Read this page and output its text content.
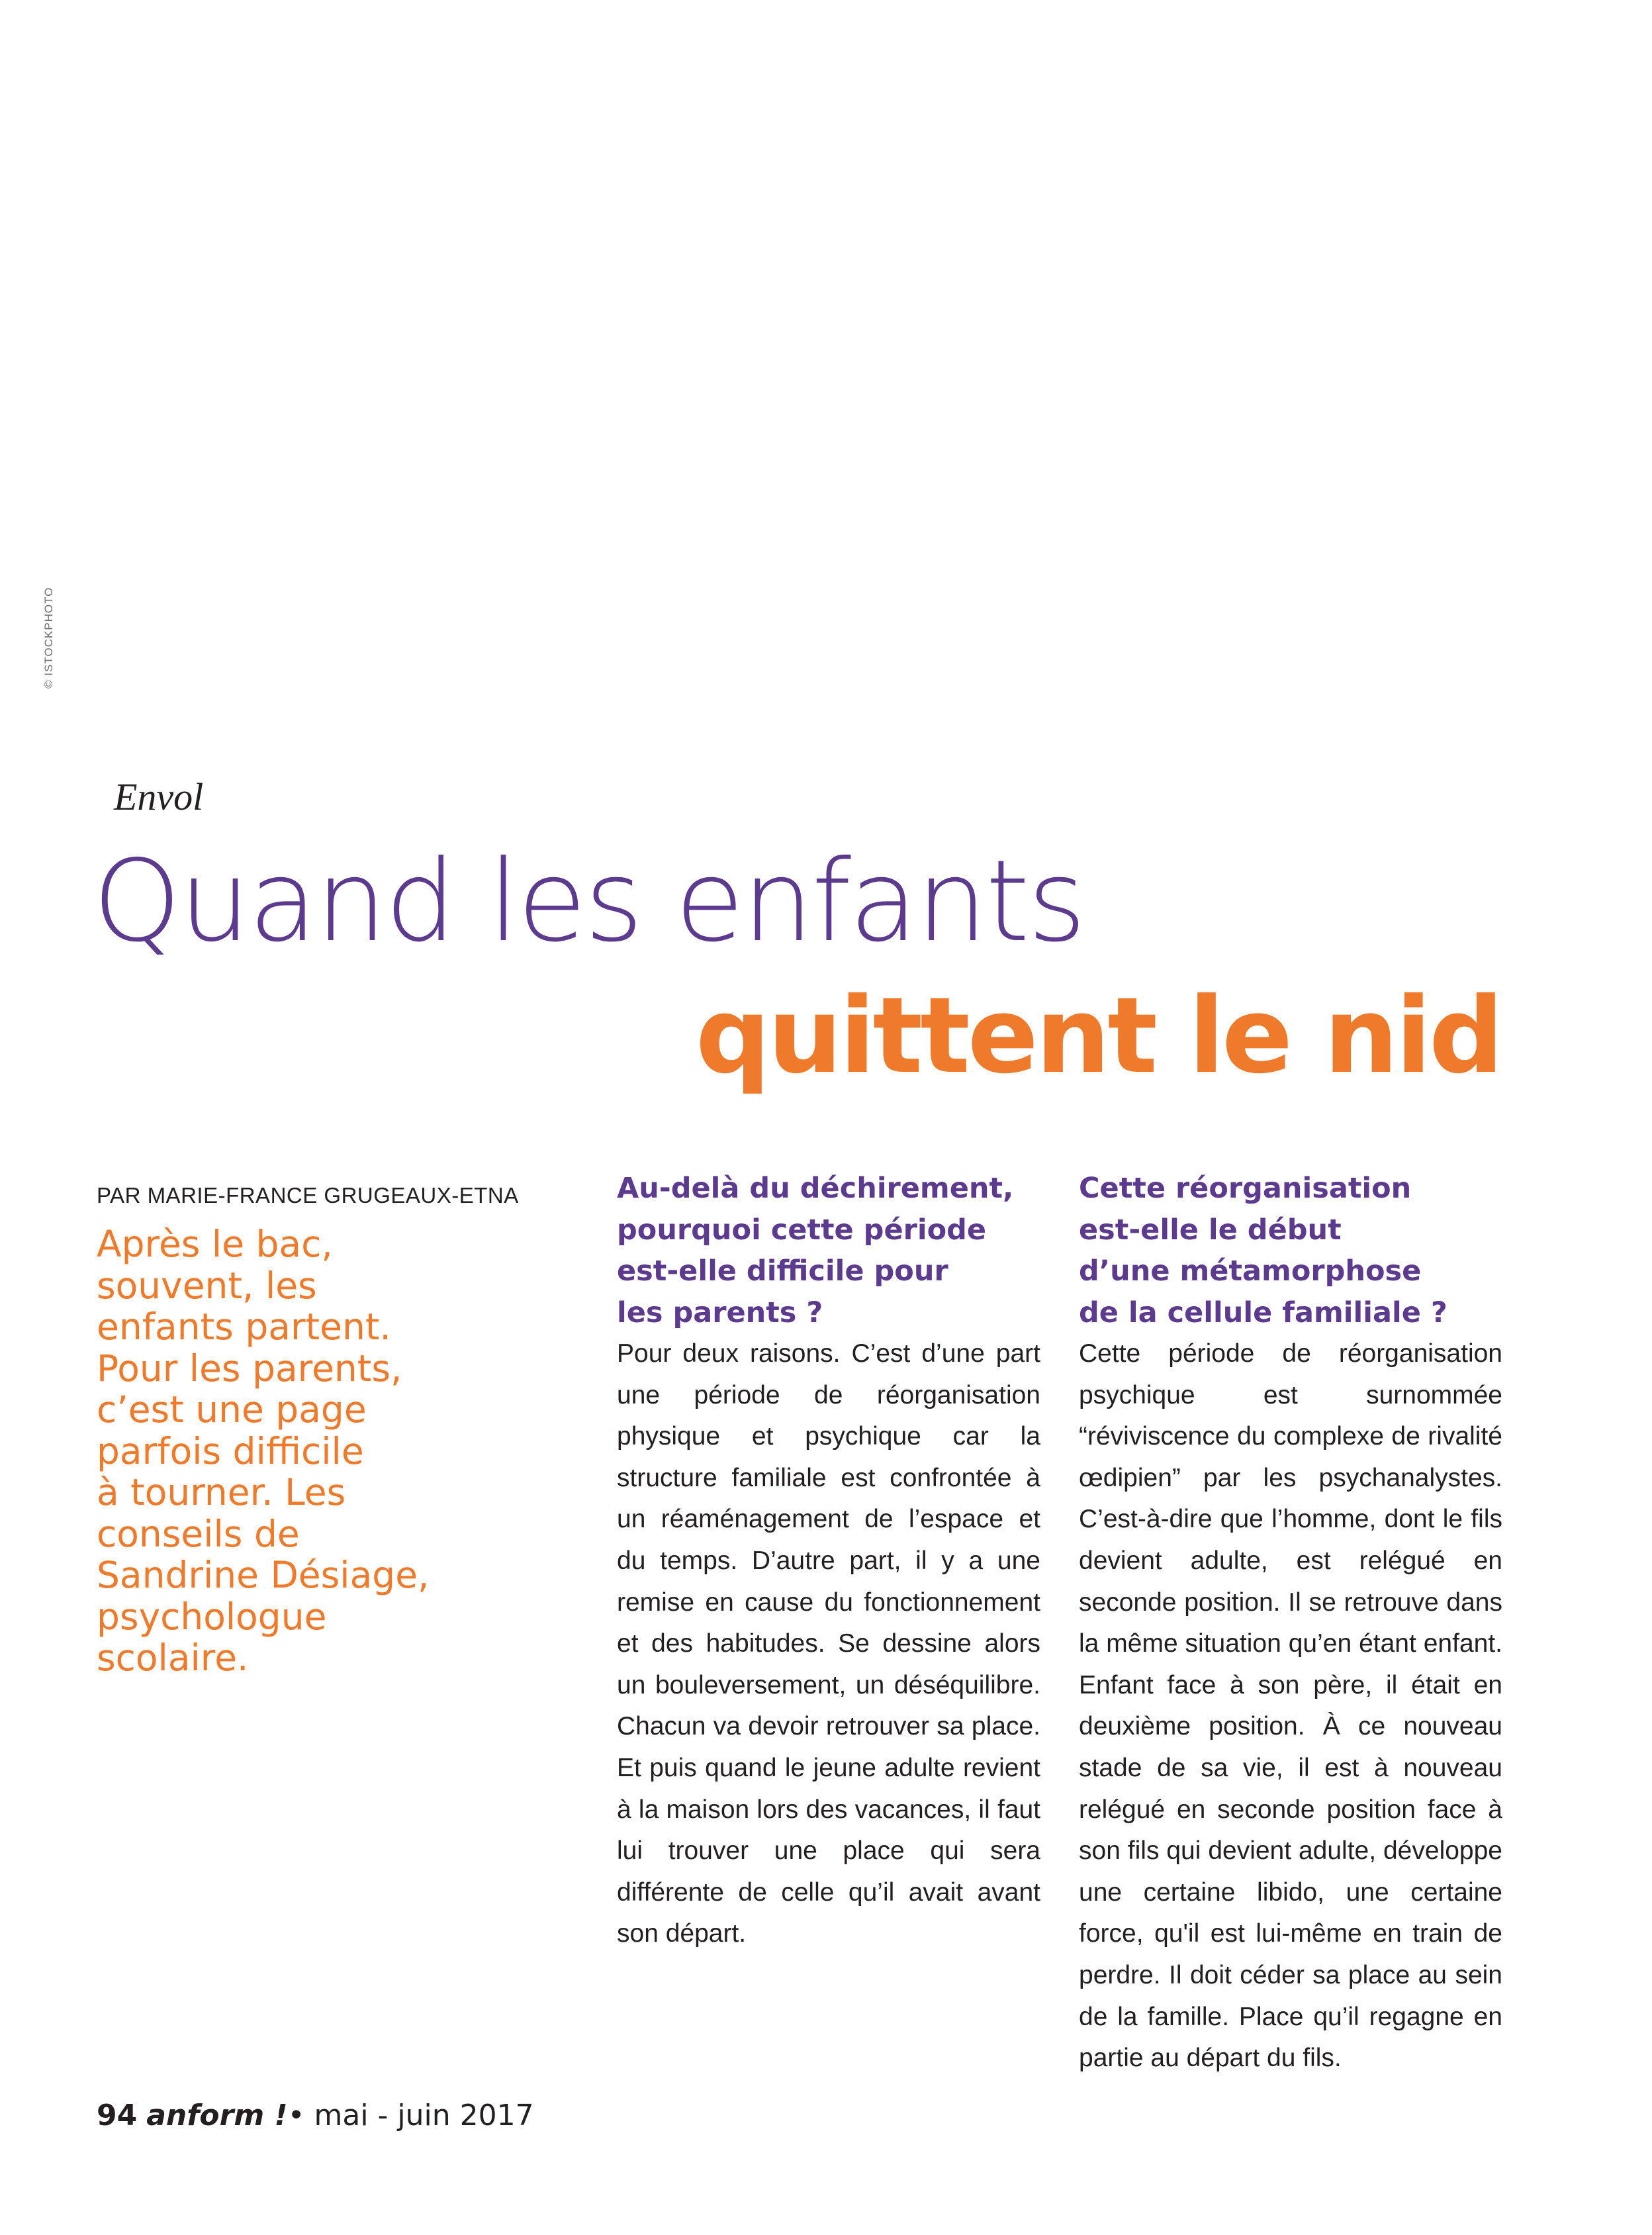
© ISTOCKPHOTO
Envol
Quand les enfants
quittent le nid
PAR MARIE-FRANCE GRUGEAUX-ETNA
Après le bac,
souvent, les
enfants partent.
Pour les parents,
c’est une page
parfois difficile
à tourner. Les
conseils de
Sandrine Désiage,
psychologue
scolaire.
Au-delà du déchirement,
pourquoi cette période
est-elle difficile pour
les parents ?

Pour deux raisons. C’est d’une part une période de réorganisation physique et psychique car la structure familiale est confrontée à un réaménagement de l’espace et du temps. D’autre part, il y a une remise en cause du fonctionnement et des habitudes. Se dessine alors un bouleversement, un déséquilibre. Chacun va devoir retrouver sa place. Et puis quand le jeune adulte revient à la maison lors des vacances, il faut lui trouver une place qui sera différente de celle qu’il avait avant son départ.

Cette réorganisation
est-elle le début
d’une métamorphose
de la cellule familiale ?

Cette période de réorganisation psychique est surnommée “réviviscence du complexe de rivalité œdipien” par les psychanalystes. C’est-à-dire que l’homme, dont le fils devient adulte, est relégué en seconde position. Il se retrouve dans la même situation qu’en étant enfant. Enfant face à son père, il était en deuxième position. À ce nouveau stade de sa vie, il est à nouveau relégué en seconde position face à son fils qui devient adulte, développe une certaine libido, une certaine force, qu'il est lui-même en train de perdre. Il doit céder sa place au sein de la famille. Place qu’il regagne en partie au départ du fils.

94 anform !• mai - juin 2017
